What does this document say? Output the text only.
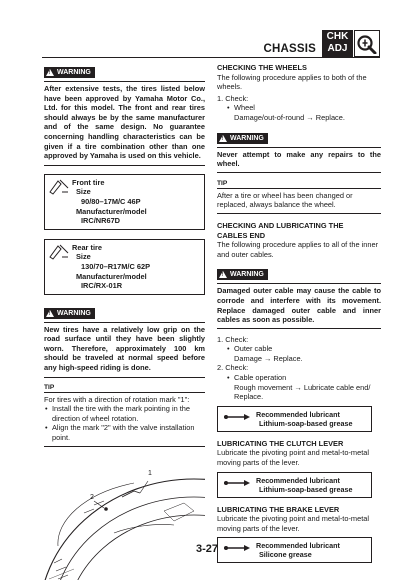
CHASSIS
CHK
ADJ
!
WARNING
After extensive tests, the tires listed below have been approved by Yamaha Motor Co., Ltd. for this model. The front and rear tires should always be by the same manufacturer and of the same design. No guarantee concerning handling characteristics can be given if a tire combination other than one approved by Yamaha is used on this vehicle.
Front tire
Size
90/80–17M/C 46P
Manufacturer/model
IRC/NR67D
Rear tire
Size
130/70–R17M/C 62P
Manufacturer/model
IRC/RX-01R
!
WARNING
New tires have a relatively low grip on the road surface until they have been slightly worn. Therefore, approximately 100 km should be traveled at normal speed before any high-speed riding is done.
TIP
For tires with a direction of rotation mark "1":
• Install the tire with the mark pointing in the direction of wheel rotation.
• Align the mark "2" with the valve installation point.
1
2
CHECKING THE WHEELS
The following procedure applies to both of the wheels.
1. Check:
• Wheel
Damage/out-of-round → Replace.
!
WARNING
Never attempt to make any repairs to the wheel.
TIP
After a tire or wheel has been changed or replaced, always balance the wheel.
CHECKING AND LUBRICATING THE
CABLES END
The following procedure applies to all of the inner and outer cables.
!
WARNING
Damaged outer cable may cause the cable to corrode and interfere with its movement. Replace damaged outer cable and inner cables as soon as possible.
1. Check:
• Outer cable
Damage → Replace.
2. Check:
• Cable operation
Rough movement → Lubricate cable end/ Replace.
Recommended lubricant
Lithium-soap-based grease
LUBRICATING THE CLUTCH LEVER
Lubricate the pivoting point and metal-to-metal moving parts of the lever.
Recommended lubricant
Lithium-soap-based grease
LUBRICATING THE BRAKE LEVER
Lubricate the pivoting point and metal-to-metal moving parts of the lever.
Recommended lubricant
Silicone grease
3-27
